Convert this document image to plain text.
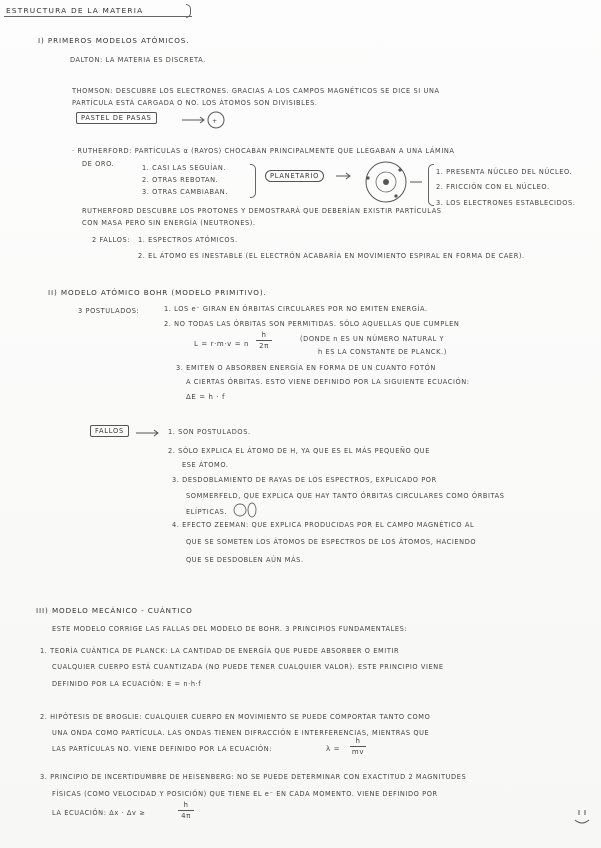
ESTRUCTURA DE LA MATERIA
I) PRIMEROS MODELOS ATÓMICOS.
DALTON: LA MATERIA ES DISCRETA.
THOMSON: DESCUBRE LOS ELECTRONES. GRACIAS A LOS CAMPOS MAGNÉTICOS SE DICE SI UNA
PARTÍCULA ESTÁ CARGADA O NO. LOS ÁTOMOS SON DIVISIBLES.
PASTEL DE PASAS	+
· RUTHERFORD: PARTÍCULAS α (RAYOS) CHOCABAN PRINCIPALMENTE QUE LLEGABAN A UNA LÁMINA
DE ORO.	1. CASI LAS SEGUÍAN.
2. OTRAS REBOTAN.
3. OTRAS CAMBIABAN.
PLANETARIO	1. PRESENTA NÚCLEO DEL NÚCLEO.
2. FRICCIÓN CON EL NÚCLEO.
3. LOS ELECTRONES ESTABLECIDOS.
RUTHERFORD DESCUBRE LOS PROTONES Y DEMOSTRARÁ QUE DEBERÍAN EXISTIR PARTÍCULAS
CON MASA PERO SIN ENERGÍA (NEUTRONES).
2 FALLOS: 1. ESPECTROS ATÓMICOS.
2. EL ÁTOMO ES INESTABLE (EL ELECTRÓN ACABARÍA EN MOVIMIENTO ESPIRAL EN FORMA DE CAER).
II) MODELO ATÓMICO BOHR (MODELO PRIMITIVO).
3 POSTULADOS:	1. LOS e⁻ GIRAN EN ÓRBITAS CIRCULARES POR NO EMITEN ENERGÍA.
2. NO TODAS LAS ÓRBITAS SON PERMITIDAS. SÓLO AQUELLAS QUE CUMPLEN
L = r·m·v = n
h
2π
(DONDE n ES UN NÚMERO NATURAL Y
h ES LA CONSTANTE DE PLANCK.)
3. EMITEN O ABSORBEN ENERGÍA EN FORMA DE UN CUANTO FOTÓN
A CIERTAS ÓRBITAS. ESTO VIENE DEFINIDO POR LA SIGUIENTE ECUACIÓN:
ΔE = h · f
FALLOS	1. SON POSTULADOS.
2. SÓLO EXPLICA EL ÁTOMO DE H, YA QUE ES EL MÁS PEQUEÑO QUE
ESE ÁTOMO.
3. DESDOBLAMIENTO DE RAYAS DE LOS ESPECTROS, EXPLICADO POR
SOMMERFELD, QUE EXPLICA QUE HAY TANTO ÓRBITAS CIRCULARES COMO ÓRBITAS
ELÍPTICAS.
4. EFECTO ZEEMAN: QUE EXPLICA PRODUCIDAS POR EL CAMPO MAGNÉTICO AL
QUE SE SOMETEN LOS ÁTOMOS DE ESPECTROS DE LOS ÁTOMOS, HACIENDO
QUE SE DESDOBLEN AÚN MÁS.
III) MODELO MECÁNICO - CUÁNTICO
ESTE MODELO CORRIGE LAS FALLAS DEL MODELO DE BOHR. 3 PRINCIPIOS FUNDAMENTALES:
1. TEORÍA CUÁNTICA DE PLANCK: LA CANTIDAD DE ENERGÍA QUE PUEDE ABSORBER O EMITIR
CUALQUIER CUERPO ESTÁ CUANTIZADA (NO PUEDE TENER CUALQUIER VALOR). ESTE PRINCIPIO VIENE
DEFINIDO POR LA ECUACIÓN: E = n·h·f
2. HIPÓTESIS DE BROGLIE: CUALQUIER CUERPO EN MOVIMIENTO SE PUEDE COMPORTAR TANTO COMO
UNA ONDA COMO PARTÍCULA. LAS ONDAS TIENEN DIFRACCIÓN E INTERFERENCIAS, MIENTRAS QUE
LAS PARTÍCULAS NO. VIENE DEFINIDO POR LA ECUACIÓN:	λ =
h
mv
3. PRINCIPIO DE INCERTIDUMBRE DE HEISENBERG: NO SE PUEDE DETERMINAR CON EXACTITUD 2 MAGNITUDES
FÍSICAS (COMO VELOCIDAD Y POSICIÓN) QUE TIENE EL e⁻ EN CADA MOMENTO. VIENE DEFINIDO POR
LA ECUACIÓN: Δx · Δv ≥
h
4π
